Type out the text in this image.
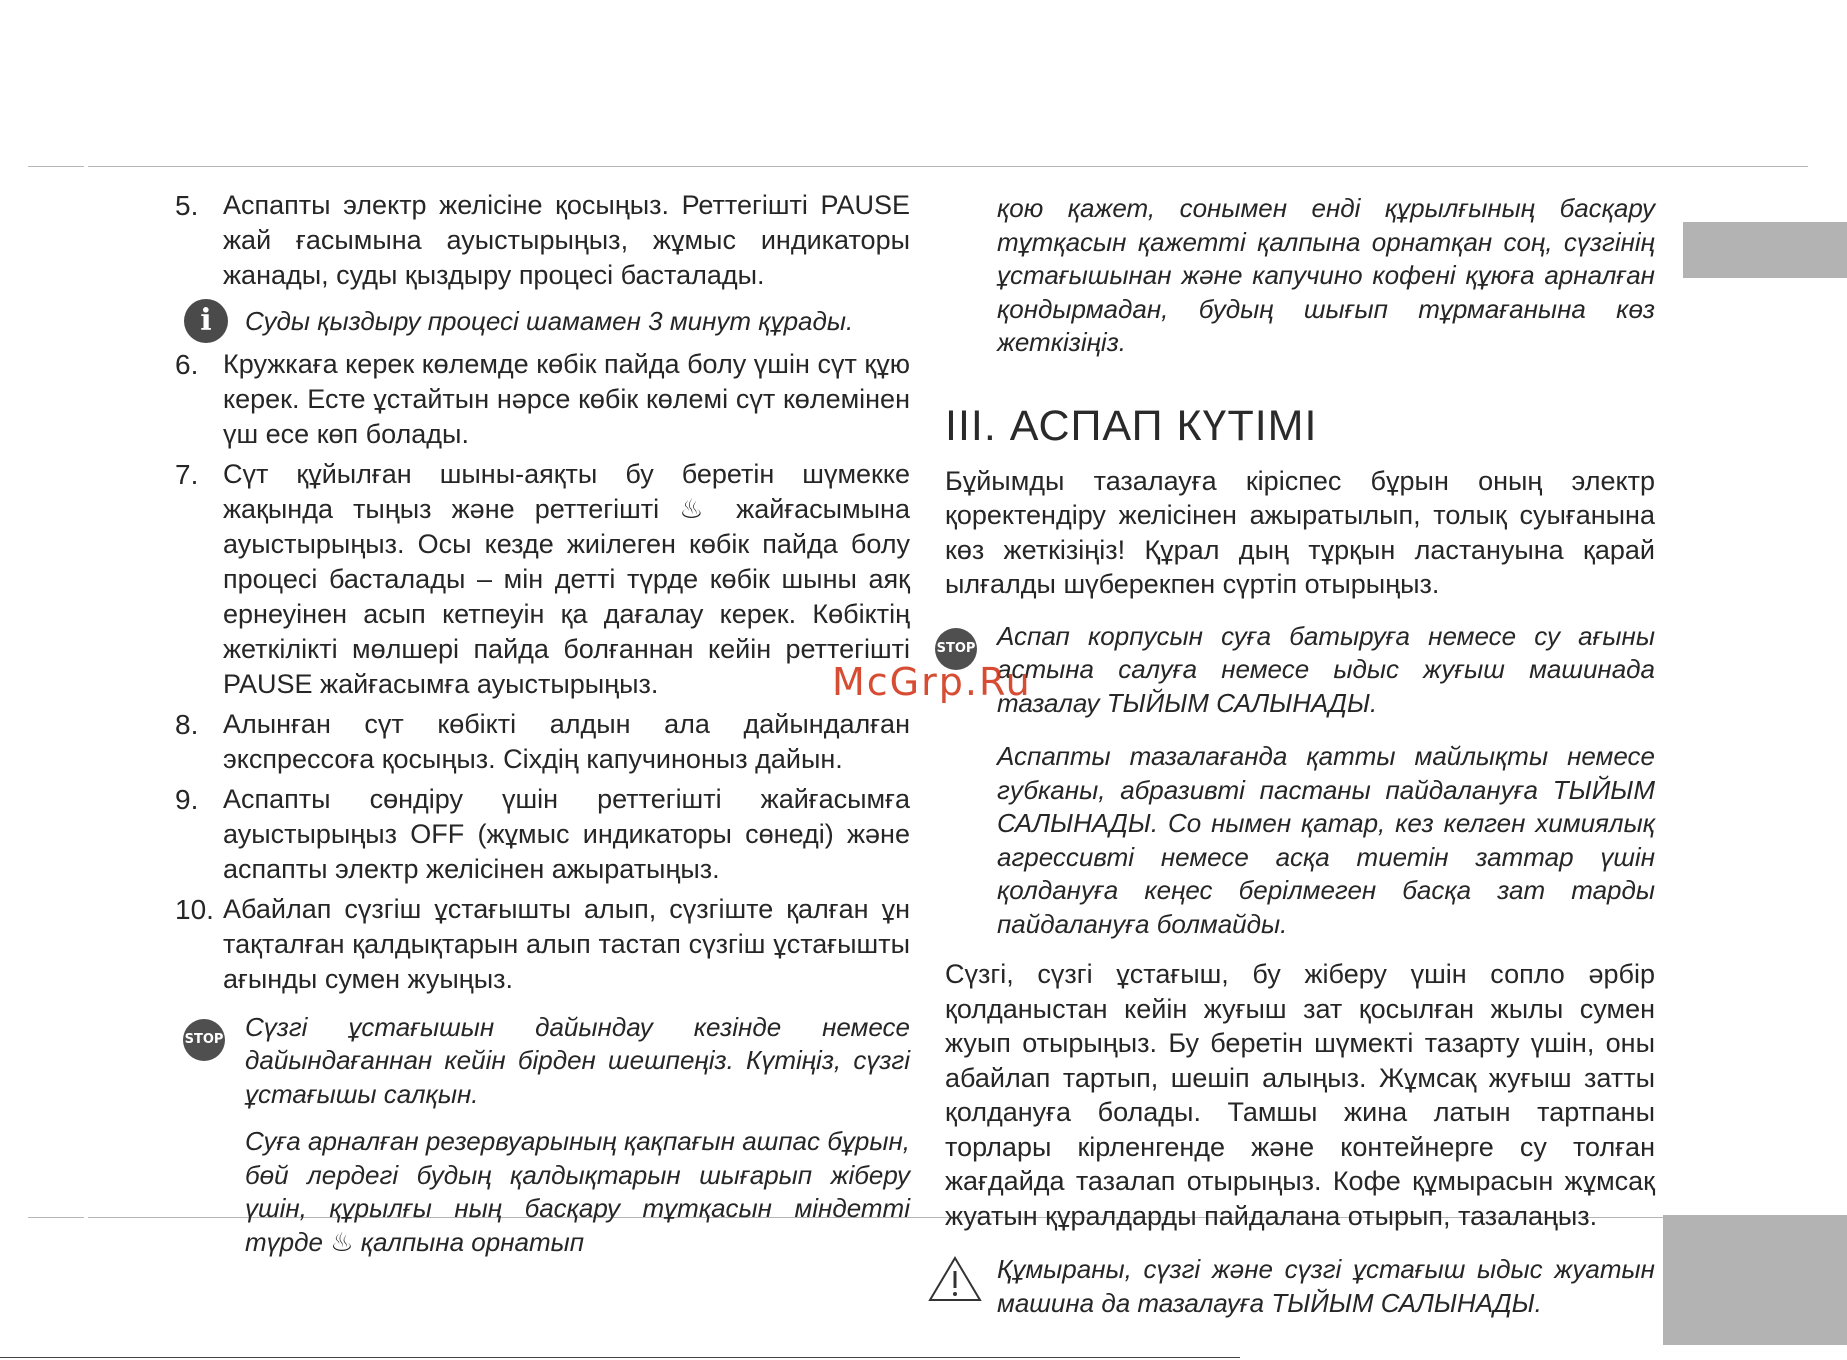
5. Аспапты электр желісіне қосыңыз. Реттегішті PAUSE жай ғасымына ауыстырыңыз, жұмыс индикаторы жанады, суды қыздыру процесі басталады.
i	Суды қыздыру процесі шамамен 3 минут құрады.
6. Кружкаға керек көлемде көбік пайда болу үшін сүт құю керек. Есте ұстайтын нәрсе көбік көлемі сүт көлемінен үш есе көп болады.
7. Сүт құйылған шыны-аяқты бу беретін шүмекке жақында тыңыз және реттегішті ♨ жайғасымына ауыстырыңыз. Осы кезде жиілеген көбік пайда болу процесі басталады – мін детті түрде көбік шыны аяқ ернеуінен асып кетпеуін қа дағалау керек. Көбіктің жеткілікті мөлшері пайда болғаннан кейін реттегішті PAUSE жайғасымға ауыстырыңыз.
8. Алынған сүт көбікті алдын ала дайындалған экспрессоға қосыңыз. Сіхдің капучиноныз дайын.
9. Аспапты сөндіру үшін реттегішті жайғасымға ауыстырыңыз OFF (жұмыс индикаторы сөнеді) және аспапты электр желісінен ажыратыңыз.
10. Абайлап сүзгіш ұстағышты алып, сүзгіште қалған ұн тақталған қалдықтарын алып тастап сүзгіш ұстағышты ағынды сумен жуыңыз.
STOP Сүзгі ұстағышын дайындау кезінде немесе дайындағаннан кейін бірден шешпеңіз. Күтіңіз, сүзгі ұстағышы салқын.
Суға арналған резервуарының қақпағын ашпас бұрын, бөй лердегі будың қалдықтарын шығарып жіберу үшін, құрылғы ның басқару тұтқасын міндетті түрде ♨ қалпына орнатып
қою қажет, сонымен енді құрылғының басқару тұтқасын қажетті қалпына орнатқан соң, сүзгінің ұстағышынан және капучино кофені құюға арналған қондырмадан, будың шығып тұрмағанына көз жеткізіңіз.
III. АСПАП КҮТІМІ
Бұйымды тазалауға кіріспес бұрын оның электр қоректендіру желісінен ажыратылып, толық суығанына көз жеткізіңіз! Құрал дың тұрқын ластануына қарай ылғалды шүберекпен сүртіп отырыңыз.
STOP Аспап корпусын суға батыруға немесе су ағыны астына салуға немесе ыдыс жуғыш машинада тазалау ТЫЙЫМ САЛЫНАДЫ.
Аспапты тазалағанда қатты майлықты немесе губканы, абразивті пастаны пайдалануға ТЫЙЫМ САЛЫНАДЫ. Со нымен қатар, кез келген химиялық агрессивті немесе асқа тиетін заттар үшін қолдануға кеңес берілмеген басқа зат тарды пайдалануға болмайды.
Сүзгі, сүзгі ұстағыш, бу жіберу үшін сопло әрбір қолданыстан кейін жуғыш зат қосылған жылы сумен жуып отырыңыз. Бу беретін шүмекті тазарту үшін, оны абайлап тартып, шешіп алыңыз. Жұмсақ жуғыш затты қолдануға болады. Тамшы жина латын тартпаны торлары кірленгенде және контейнерге су толған жағдайда тазалап отырыңыз. Кофе құмырасын жұмсақ жуатын құралдарды пайдалана отырып, тазалаңыз.
Құмыраны, сүзгі және сүзгі ұстағыш ыдыс жуатын машина да тазалауға ТЫЙЫМ САЛЫНАДЫ.
McGrp.Ru
